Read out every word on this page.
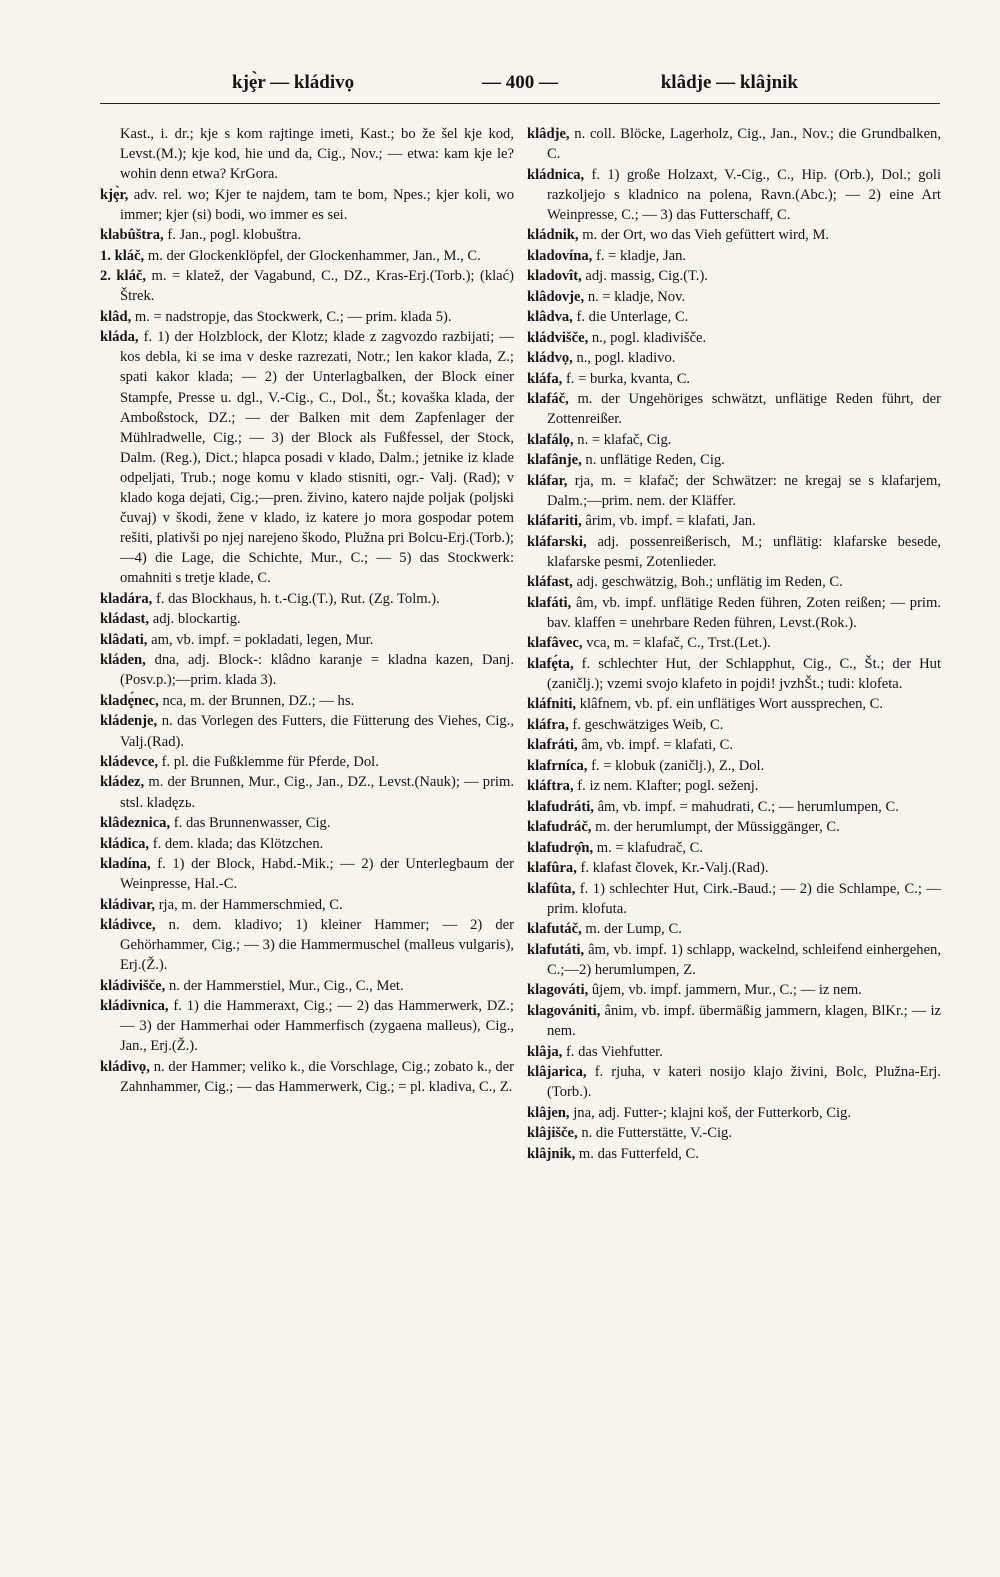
kjȩ̀r — kládivọ	— 400 —	klâdje — klâjnik

Kast., i. dr.; kje s kom rajtinge imeti, Kast.; bo že šel kje kod, Levst.(M.); kje kod, hie und da, Cig., Nov.; — etwa: kam kje le? wohin denn etwa? KrGora.

kjȩ̀r, adv. rel. wo; Kjer te najdem, tam te bom, Npes.; kjer koli, wo immer; kjer (si) bodi, wo immer es sei.

klabûštra, f. Jan., pogl. klobuštra.

1. kláč, m. der Glockenklöpfel, der Glockenhammer, Jan., M., C.

2. kláč, m. = klatež, der Vagabund, C., DZ., Kras-Erj.(Torb.); (klać) Štrek.

klâd, m. = nadstropje, das Stockwerk, C.; — prim. klada 5).

kláda, f. 1) der Holzblock, der Klotz; klade z zagvozdo razbijati; — kos debla, ki se ima v deske razrezati, Notr.; len kakor klada, Z.; spati kakor klada; — 2) der Unterlagbalken, der Block einer Stampfe, Presse u. dgl., V.-Cig., C., Dol., Št.; kovaška klada, der Amboßstock, DZ.; — der Balken mit dem Zapfenlager der Mühlradwelle, Cig.; — 3) der Block als Fußfessel, der Stock, Dalm. (Reg.), Dict.; hlapca posadi v klado, Dalm.; jetnike iz klade odpeljati, Trub.; noge komu v klado stisniti, ogr.- Valj. (Rad); v klado koga dejati, Cig.;—pren. živino, katero najde poljak (poljski čuvaj) v škodi, žene v klado, iz katere jo mora gospodar potem rešiti, plativši po njej narejeno škodo, Plužna pri Bolcu-Erj.(Torb.);—4) die Lage, die Schichte, Mur., C.; — 5) das Stockwerk: omahniti s tretje klade, C.

kladára, f. das Blockhaus, h. t.-Cig.(T.), Rut. (Zg. Tolm.).

kládast, adj. blockartig.

klâdati, am, vb. impf. = pokladati, legen, Mur.

kláden, dna, adj. Block-: klâdno karanje = kladna kazen, Danj.(Posv.p.);—prim. klada 3).

kladȩ́nec, nca, m. der Brunnen, DZ.; — hs.

kládenje, n. das Vorlegen des Futters, die Fütterung des Viehes, Cig., Valj.(Rad).

kládevce, f. pl. die Fußklemme für Pferde, Dol.

kládez, m. der Brunnen, Mur., Cig., Jan., DZ., Levst.(Nauk); — prim. stsl. kladęzь.

klâdeznica, f. das Brunnenwasser, Cig.

kládica, f. dem. klada; das Klötzchen.

kladína, f. 1) der Block, Habd.-Mik.; — 2) der Unterlegbaum der Weinpresse, Hal.-C.

kládivar, rja, m. der Hammerschmied, C.

kládivce, n. dem. kladivo; 1) kleiner Hammer; — 2) der Gehörhammer, Cig.; — 3) die Hammermuschel (malleus vulgaris), Erj.(Ž.).

kládivišče, n. der Hammerstiel, Mur., Cig., C., Met.

kládivnica, f. 1) die Hammeraxt, Cig.; — 2) das Hammerwerk, DZ.; — 3) der Hammerhai oder Hammerfisch (zygaena malleus), Cig., Jan., Erj.(Ž.).

kládivọ, n. der Hammer; veliko k., die Vorschlage, Cig.; zobato k., der Zahnhammer, Cig.; — das Hammerwerk, Cig.; = pl. kladiva, C., Z.

klâdje, n. coll. Blöcke, Lagerholz, Cig., Jan., Nov.; die Grundbalken, C.

kládnica, f. 1) große Holzaxt, V.-Cig., C., Hip. (Orb.), Dol.; goli razkoljejo s kladnico na polena, Ravn.(Abc.); — 2) eine Art Weinpresse, C.; — 3) das Futterschaff, C.

kládnik, m. der Ort, wo das Vieh gefüttert wird, M.

kladovína, f. = kladje, Jan.

kladovît, adj. massig, Cig.(T.).

klâdovje, n. = kladje, Nov.

klâdva, f. die Unterlage, C.

kládvišče, n., pogl. kladivišče.

kládvọ, n., pogl. kladivo.

kláfa, f. = burka, kvanta, C.

klafáč, m. der Ungehöriges schwätzt, unflätige Reden führt, der Zottenreißer.

klafálọ, n. = klafač, Cig.

klafânje, n. unflätige Reden, Cig.

kláfar, rja, m. = klafač; der Schwätzer: ne kregaj se s klafarjem, Dalm.;—prim. nem. der Kläffer.

kláfariti, ârim, vb. impf. = klafati, Jan.

kláfarski, adj. possenreißerisch, M.; unflätig: klafarske besede, klafarske pesmi, Zotenlieder.

kláfast, adj. geschwätzig, Boh.; unflätig im Reden, C.

klafáti, âm, vb. impf. unflätige Reden führen, Zoten reißen; — prim. bav. klaffen = unehrbare Reden führen, Levst.(Rok.).

klafâvec, vca, m. = klafač, C., Trst.(Let.).

klafȩ́ta, f. schlechter Hut, der Schlapphut, Cig., C., Št.; der Hut (zaničlj.); vzemi svojo klafeto in pojdi! jvzhŠt.; tudi: klofeta.

kláfniti, klâfnem, vb. pf. ein unflätiges Wort aussprechen, C.

kláfra, f. geschwätziges Weib, C.

klafráti, âm, vb. impf. = klafati, C.

klafrníca, f. = klobuk (zaničlj.), Z., Dol.

kláftra, f. iz nem. Klafter; pogl. seženj.

klafudráti, âm, vb. impf. = mahudrati, C.; — herumlumpen, C.

klafudráč, m. der herumlumpt, der Müssiggänger, C.

klafudrọ̑n, m. = klafudrač, C.

klafûra, f. klafast človek, Kr.-Valj.(Rad).

klafûta, f. 1) schlechter Hut, Cirk.-Baud.; — 2) die Schlampe, C.; — prim. klofuta.

klafutáč, m. der Lump, C.

klafutáti, âm, vb. impf. 1) schlapp, wackelnd, schleifend einhergehen, C.;—2) herumlumpen, Z.

klagováti, ûjem, vb. impf. jammern, Mur., C.; — iz nem.

klagovániti, ânim, vb. impf. übermäßig jammern, klagen, BlKr.; — iz nem.

klâja, f. das Viehfutter.

klâjarica, f. rjuha, v kateri nosijo klajo živini, Bolc, Plužna-Erj.(Torb.).

klâjen, jna, adj. Futter-; klajni koš, der Futterkorb, Cig.

klâjišče, n. die Futterstätte, V.-Cig.

klâjnik, m. das Futterfeld, C.
